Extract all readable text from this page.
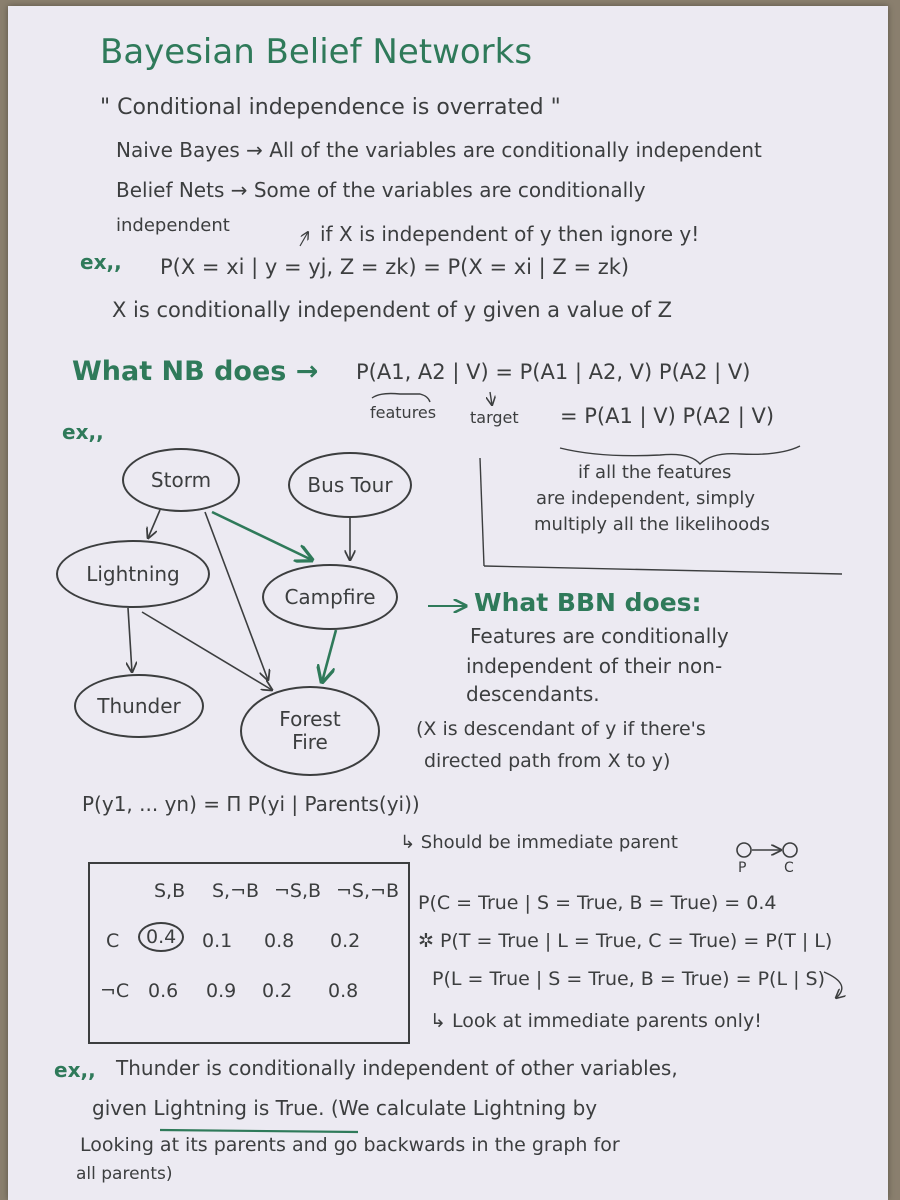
Bayesian Belief Networks
" Conditional independence is overrated "
Naive Bayes → All of the variables are conditionally independent
Belief Nets → Some of the variables are conditionally
independent	if X is independent of y then ignore y!
ex,, P(X = xi | y = yj, Z = zk) = P(X = xi | Z = zk)
X is conditionally independent of y given a value of Z
What NB does → P(A1, A2 | V) = P(A1 | A2, V) P(A2 | V)
features target = P(A1 | V) P(A2 | V)
if all the features
are independent, simply
multiply all the likelihoods
ex,,
Storm	Bus Tour
Lightning
Campfire
Thunder
Forest
Fire
What BBN does:
Features are conditionally
independent of their non-
descendants.
(X is descendant of y if there's
directed path from X to y)
P(y1, ... yn) = Π P(yi | Parents(yi))
↳ Should be immediate parent
P	C
S,B S,¬B ¬S,B ¬S,¬B
C	0.4	0.1 0.8 0.2
¬C 0.6 0.9 0.2 0.8
P(C = True | S = True, B = True) = 0.4
✲ P(T = True | L = True, C = True) = P(T | L)
P(L = True | S = True, B = True) = P(L | S)
↳ Look at immediate parents only!
ex,, Thunder is conditionally independent of other variables,
given Lightning is True. (We calculate Lightning by
Looking at its parents and go backwards in the graph for
all parents)
